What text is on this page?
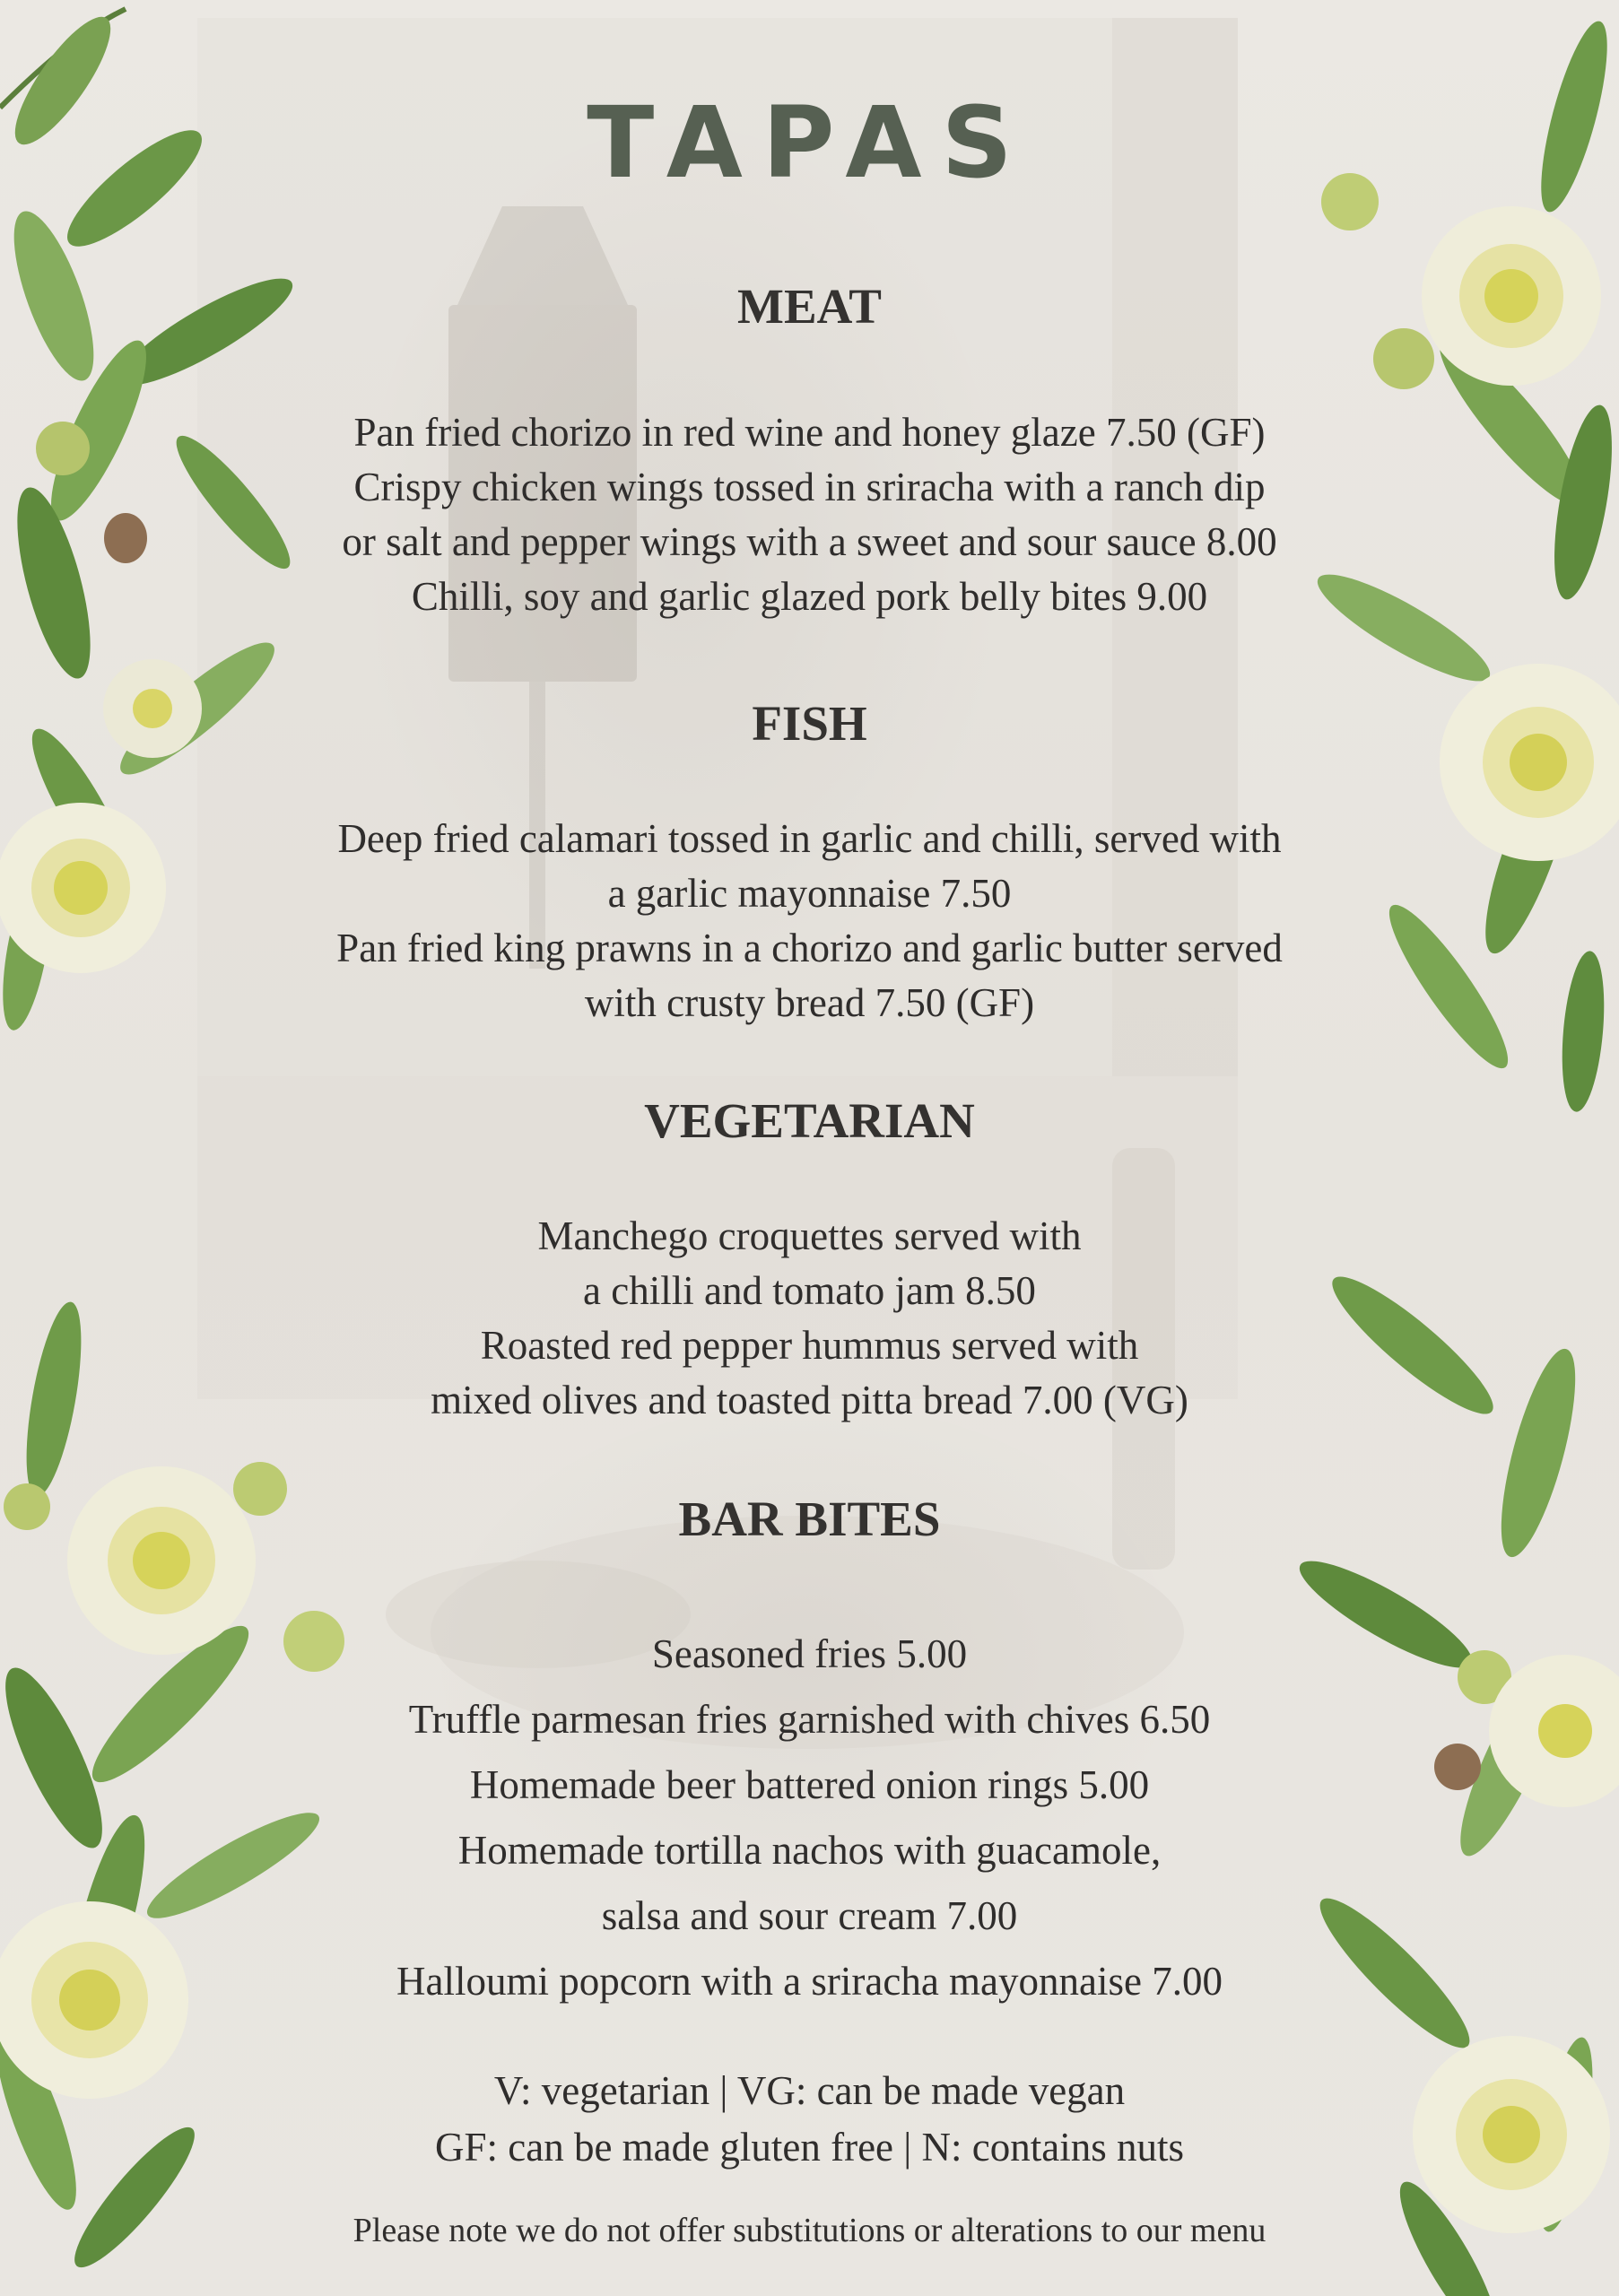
TAPAS
MEAT
Pan fried chorizo in red wine and honey glaze 7.50 (GF)
Crispy chicken wings tossed in sriracha with a ranch dip
or salt and pepper wings with a sweet and sour sauce 8.00
Chilli, soy and garlic glazed pork belly bites 9.00
FISH
Deep fried calamari tossed in garlic and chilli, served with
a garlic mayonnaise 7.50
Pan fried king prawns in a chorizo and garlic butter served
with crusty bread 7.50 (GF)
VEGETARIAN
Manchego croquettes served with
a chilli and tomato jam 8.50
Roasted red pepper hummus served with
mixed olives and toasted pitta bread 7.00 (VG)
BAR BITES
Seasoned fries 5.00
Truffle parmesan fries garnished with chives 6.50
Homemade beer battered onion rings 5.00
Homemade tortilla nachos with guacamole,
salsa and sour cream 7.00
Halloumi popcorn with a sriracha mayonnaise 7.00
V: vegetarian | VG: can be made vegan
GF: can be made gluten free | N: contains nuts
Please note we do not offer substitutions or alterations to our menu
